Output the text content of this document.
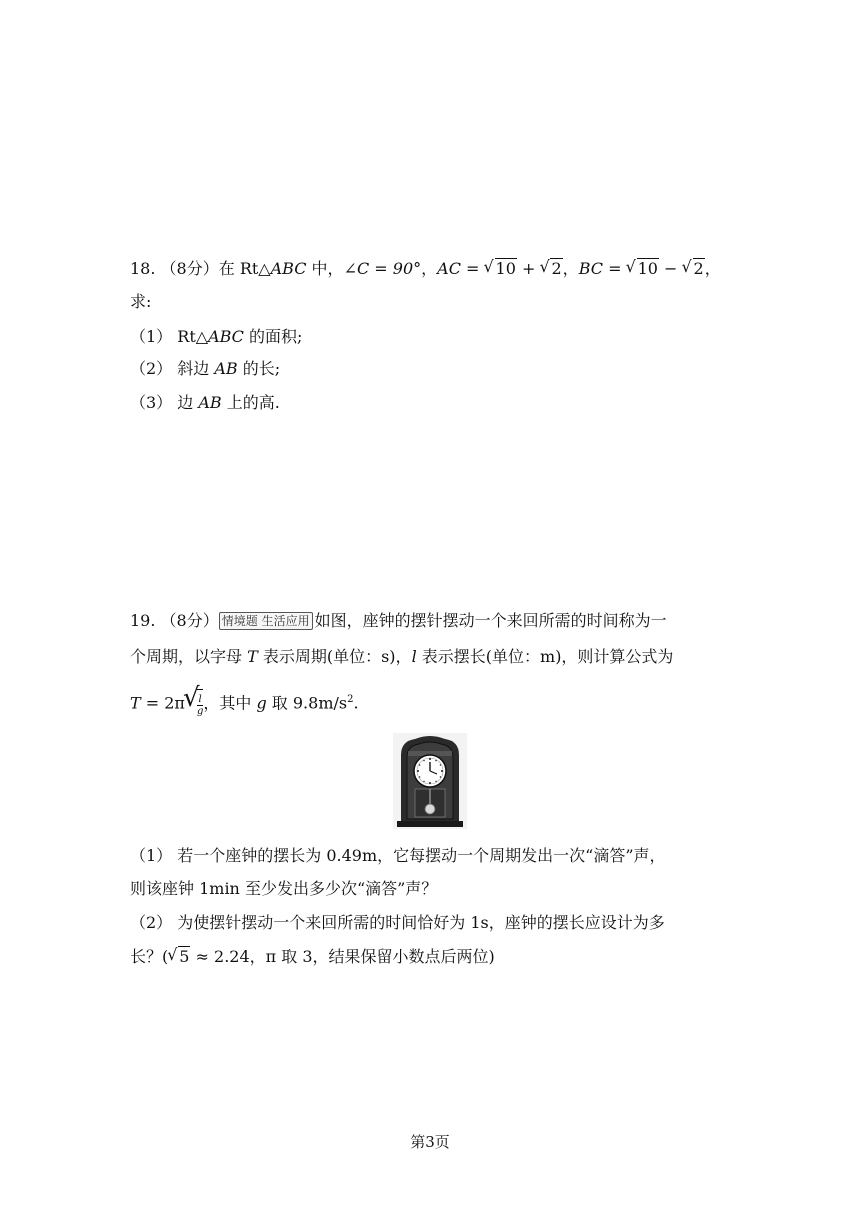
18. （8分）在 Rt△ABC 中，∠C = 90°，AC = √ 10 + √ 2，BC = √ 10 − √ 2，
求:
（1） Rt△ABC 的面积;
（2） 斜边 AB 的长;
（3） 边 AB 上的高.
19. （8分） 情境题 生活应用 如图，座钟的摆针摆动一个来回所需的时间称为一
个周期，以字母 T 表示周期(单位：s)，l 表示摆长(单位：m)，则计算公式为
T = 2π √ $\frac{l}{g}$ ，其中 g 取 $9.8m/s^2$.
（1） 若一个座钟的摆长为 0.49m，它每摆动一个周期发出一次“滴答”声，
则该座钟 1min 至少发出多少次“滴答”声？
（2） 为使摆针摆动一个来回所需的时间恰好为 1s，座钟的摆长应设计为多
长？( √ 5 ≈ 2.24，π 取 3，结果保留小数点后两位)
第3页
